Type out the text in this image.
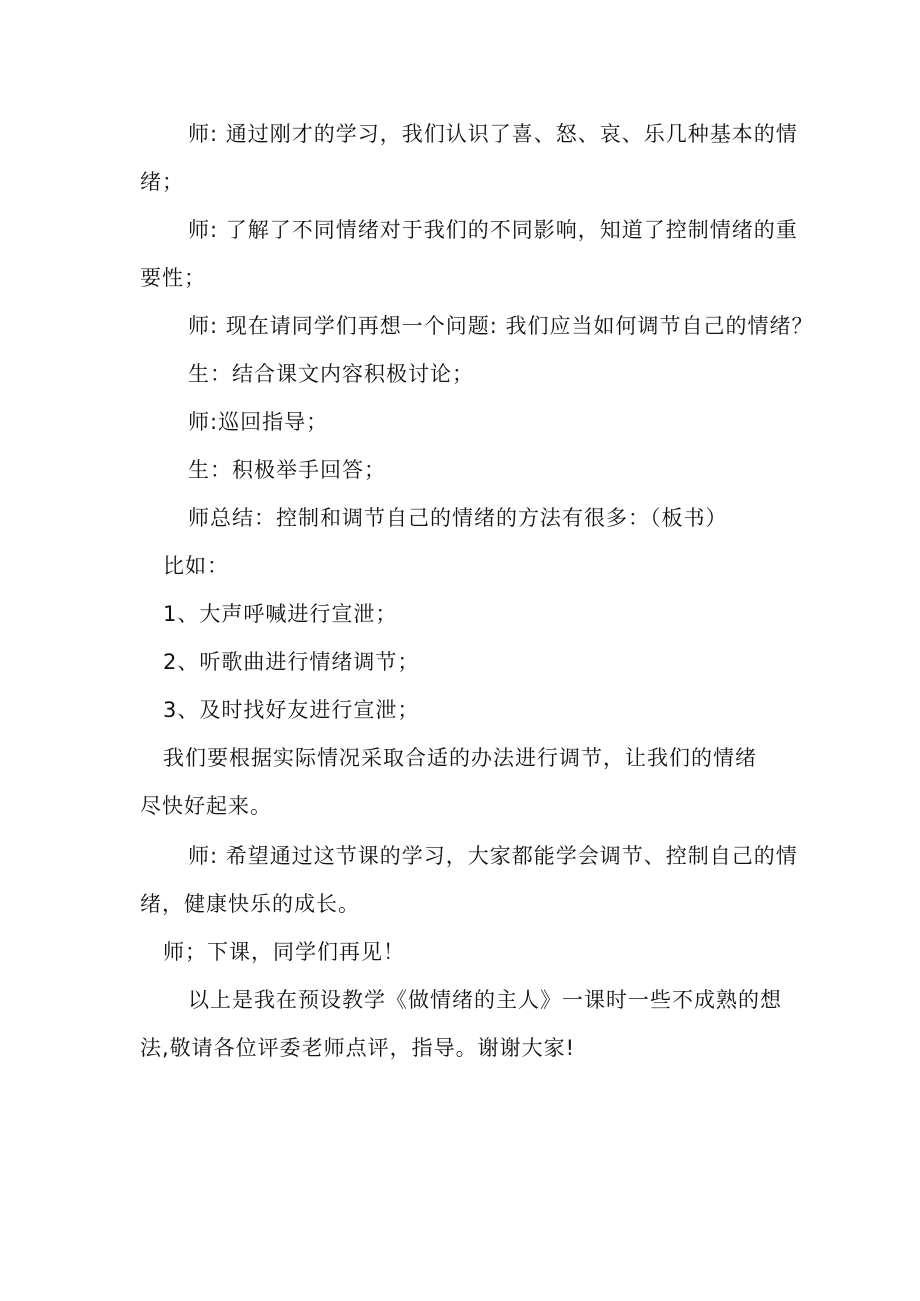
师: 通过刚才的学习，我们认识了喜、怒、哀、乐几种基本的情
绪；
师: 了解了不同情绪对于我们的不同影响，知道了控制情绪的重
要性；
师: 现在请同学们再想一个问题: 我们应当如何调节自己的情绪？
生：结合课文内容积极讨论；
师:巡回指导；
生：积极举手回答；
师总结：控制和调节自己的情绪的方法有很多：（板书）
比如：
1、大声呼喊进行宣泄；
2、听歌曲进行情绪调节；
3、及时找好友进行宣泄；
我们要根据实际情况采取合适的办法进行调节，让我们的情绪
尽快好起来。
师: 希望通过这节课的学习，大家都能学会调节、控制自己的情
绪，健康快乐的成长。
师；下课，同学们再见！
以上是我在预设教学《做情绪的主人》一课时一些不成熟的想
法,敬请各位评委老师点评，指导。谢谢大家!
